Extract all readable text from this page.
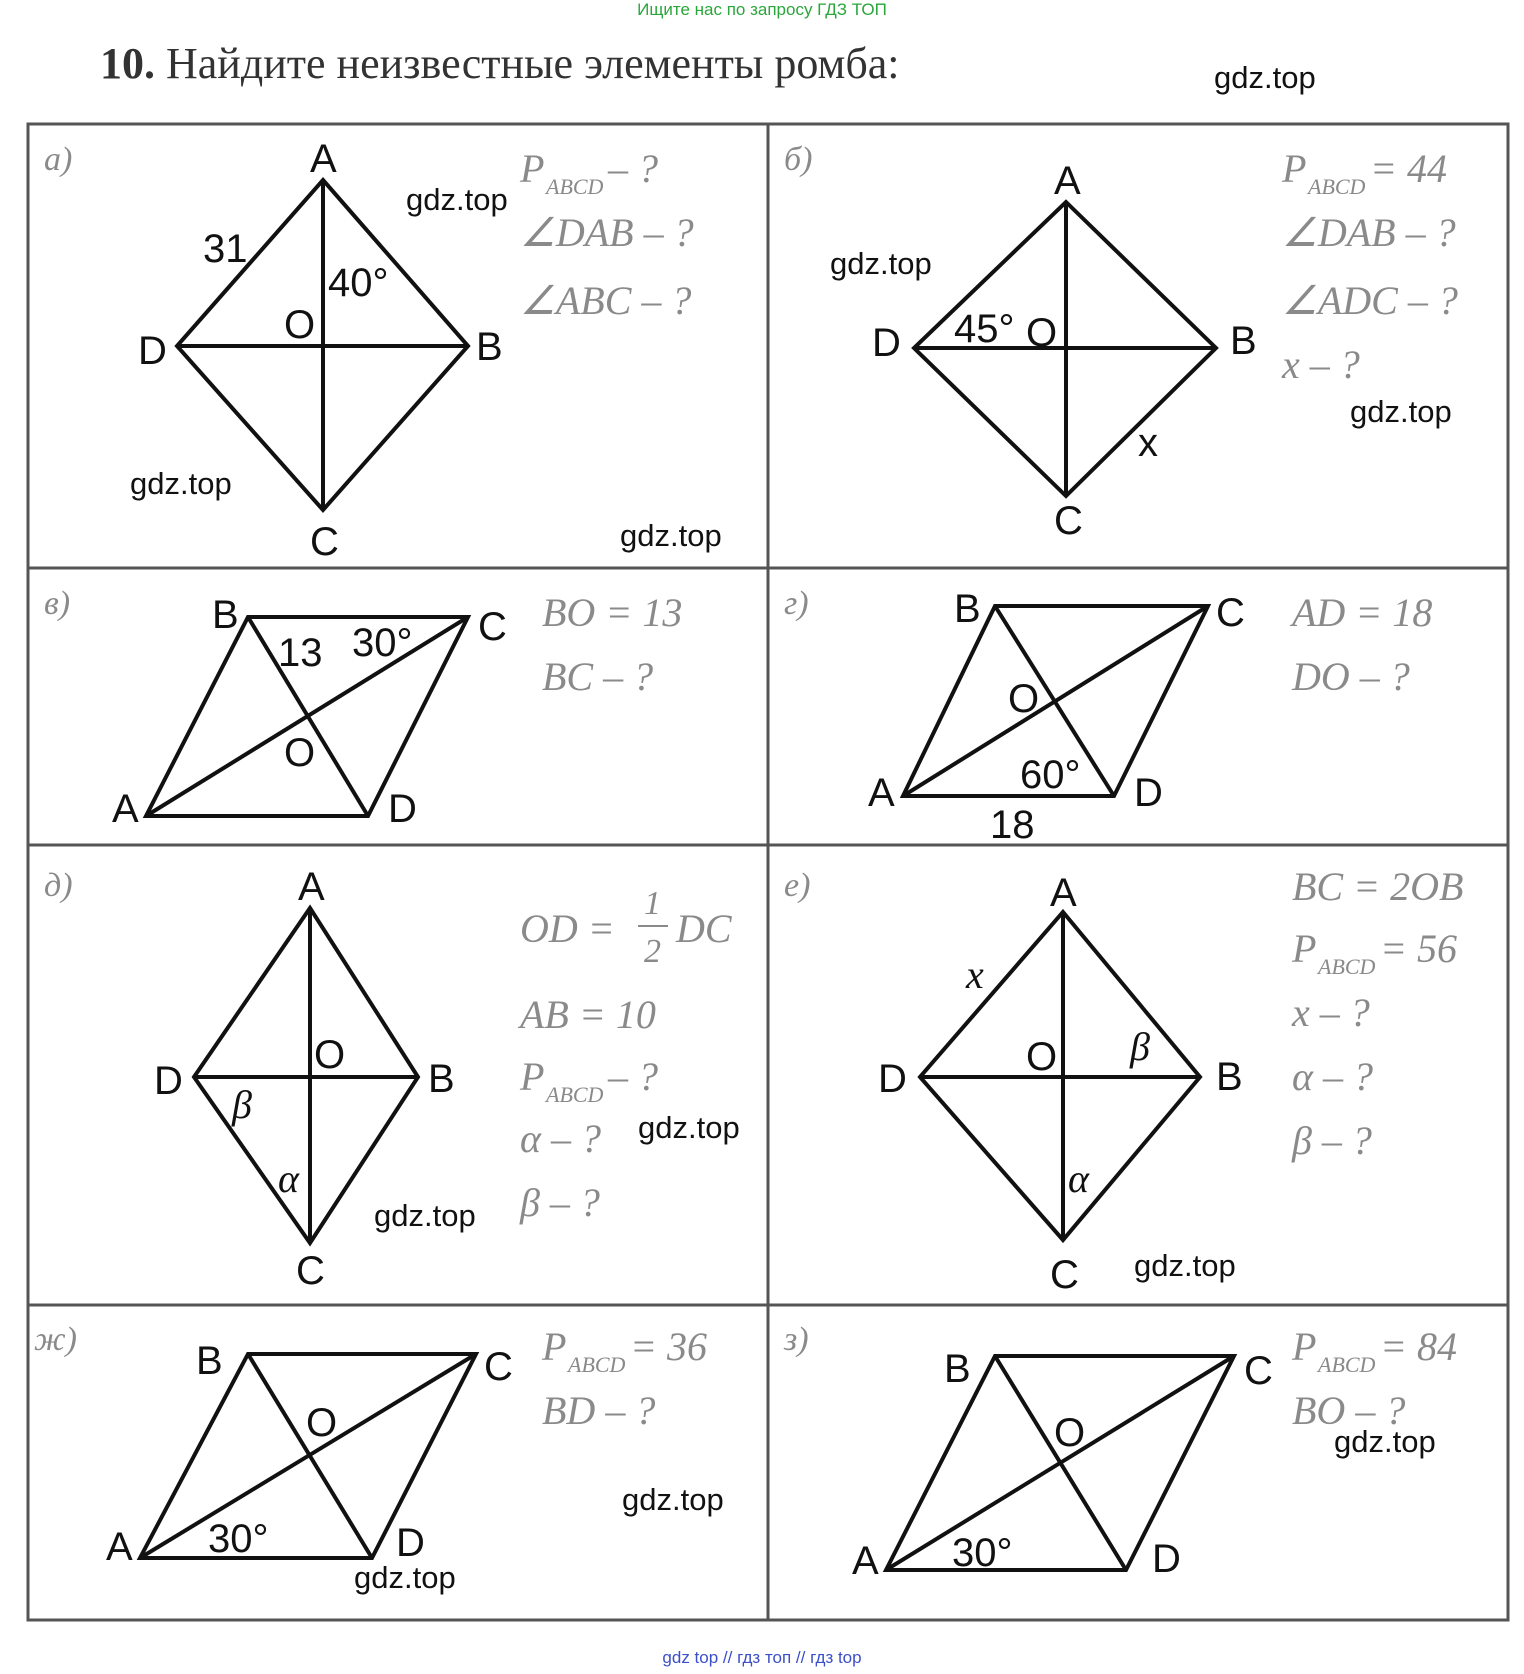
Ищите нас по запросу ГДЗ ТОП
10. Найдите неизвестные элементы ромба:
а)	A
B
C
D
O
31
40°
P ABCD – ?
∠DAB – ?
∠ABC – ?
б)	A
B
C
D	O
45°
x
P ABCD = 44
∠DAB – ?
∠ADC – ?
x – ?
в)	B	C
A	D
O
13 30°
BO = 13
BC – ?
г)	B	C
A	D
O
60°
18
AD = 18
DO – ?
д)	A
B
C
D
O
β
α
OD =
1
2
DC
AB = 10
P ABCD – ?
α – ?
β – ?
е)	A
B
C
D	O
x
β
α
BC = 2OB
P ABCD = 56
x – ?
α – ?
β – ?
ж)	B	C
A	D
O
30°
P ABCD = 36
BD – ?
з)
B	C
A	D
O
30°
P ABCD = 84
BO – ?
gdz.top
gdz.top
gdz.top
gdz.top
gdz.top
gdz.top
gdz.top
gdz.top
gdz.top
gdz.top
gdz.top
gdz.top
gdz top // гдз топ // гдз top
